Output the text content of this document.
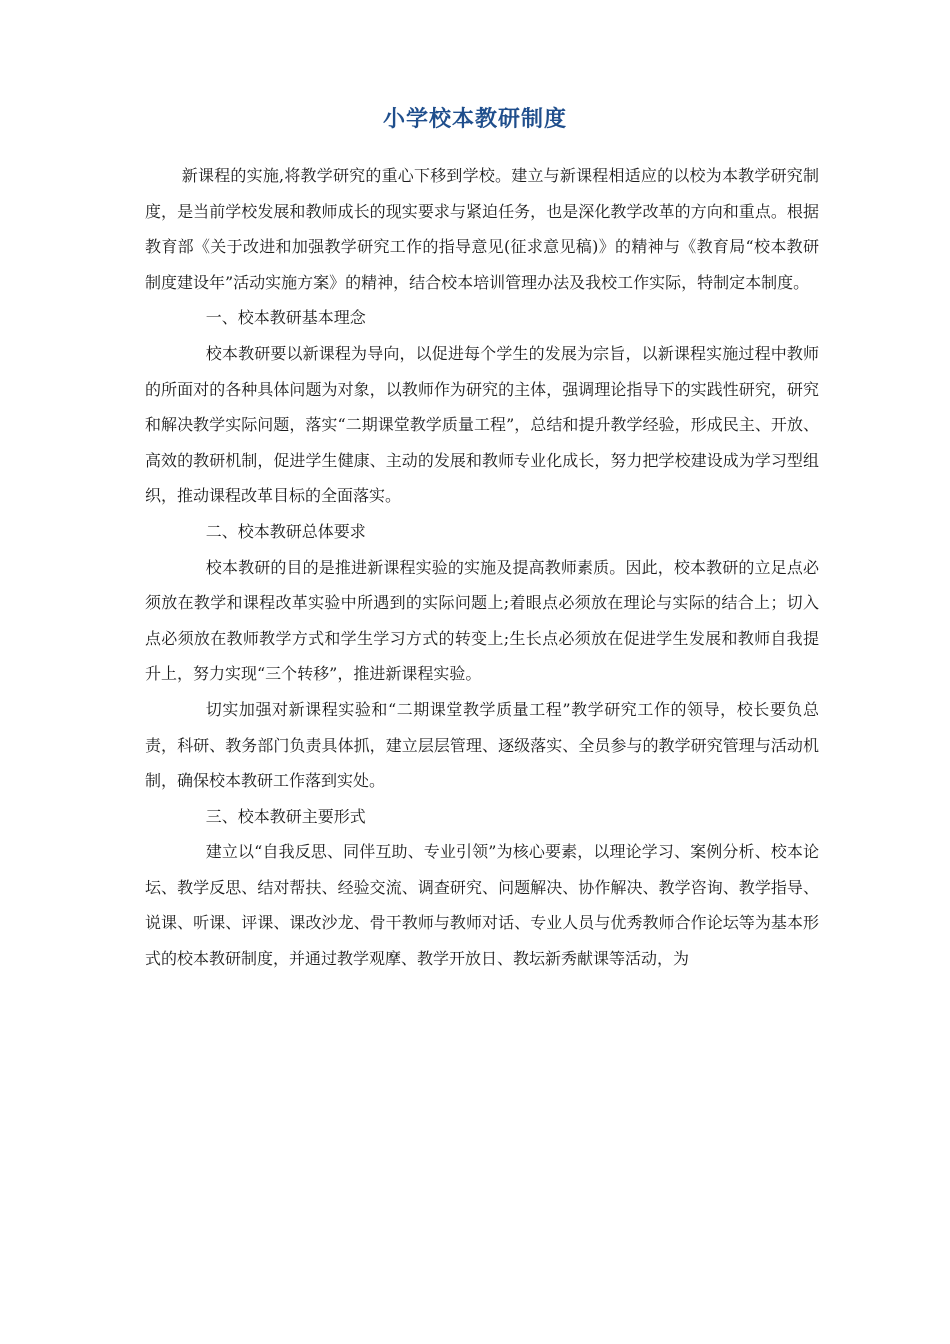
小学校本教研制度

新课程的实施,将教学研究的重心下移到学校。建立与新课程相适应的以校为本教学研究制度，是当前学校发展和教师成长的现实要求与紧迫任务，也是深化教学改革的方向和重点。根据教育部《关于改进和加强教学研究工作的指导意见(征求意见稿)》的精神与《教育局“校本教研制度建设年”活动实施方案》的精神，结合校本培训管理办法及我校工作实际，特制定本制度。

一、校本教研基本理念

校本教研要以新课程为导向，以促进每个学生的发展为宗旨，以新课程实施过程中教师的所面对的各种具体问题为对象，以教师作为研究的主体，强调理论指导下的实践性研究，研究和解决教学实际问题，落实“二期课堂教学质量工程”，总结和提升教学经验，形成民主、开放、高效的教研机制，促进学生健康、主动的发展和教师专业化成长，努力把学校建设成为学习型组织，推动课程改革目标的全面落实。

二、校本教研总体要求

校本教研的目的是推进新课程实验的实施及提高教师素质。因此，校本教研的立足点必须放在教学和课程改革实验中所遇到的实际问题上;着眼点必须放在理论与实际的结合上；切入点必须放在教师教学方式和学生学习方式的转变上;生长点必须放在促进学生发展和教师自我提升上，努力实现“三个转移”，推进新课程实验。

切实加强对新课程实验和“二期课堂教学质量工程”教学研究工作的领导，校长要负总责，科研、教务部门负责具体抓，建立层层管理、逐级落实、全员参与的教学研究管理与活动机制，确保校本教研工作落到实处。

三、校本教研主要形式

建立以“自我反思、同伴互助、专业引领”为核心要素，以理论学习、案例分析、校本论坛、教学反思、结对帮扶、经验交流、调查研究、问题解决、协作解决、教学咨询、教学指导、说课、听课、评课、课改沙龙、骨干教师与教师对话、专业人员与优秀教师合作论坛等为基本形式的校本教研制度，并通过教学观摩、教学开放日、教坛新秀献课等活动，为
